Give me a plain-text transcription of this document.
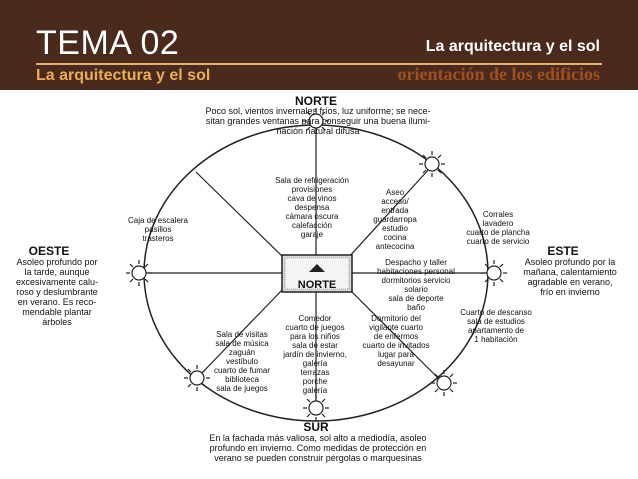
TEMA 02	La arquitectura y el sol
La arquitectura y el sol	orientación de los edificios
NORTE
NORTE
Poco sol, vientos invernales fríos, luz uniforme; se nece-
sitan grandes ventanas para conseguir una buena ilumi-
nación natural difusa
SUR
En la fachada más valiosa, sol alto a mediodía, asoleo
profundo en invierno. Como medidas de protección en
verano se pueden construir pérgolas o marquesinas
ESTE
Asoleo profundo por la
mañana, calentamiento
agradable en verano,
frío en invierno
OESTE
Asoleo profundo por
la tarde, aunque
excesivamente calu-
roso y deslumbrante
en verano. Es reco-
mendable plantar
árboles
Sala de refrigeración
provisiones
cava de vinos
despensa
cámara oscura
calefacción
garaje
Aseo
acceso/
entrada
guardarropa
estudio
cocina
antecocina
Corrales
lavadero
cuarto de plancha
cuarto de servicio
Despacho y taller
habitaciones personal
dormitorios servicio
solario
sala de deporte
baño
Cuarto de descanso
sala de estudios
apartamento de
1 habitación
Dormitorio del
vigilante cuarto
de enfermos
cuarto de invitados
lugar para
desayunar
Comedor
cuarto de juegos
para los niños
sala de estar
jardín de invierno,
galería
terrazas
porche
galería
Sala de visitas
sala de música
zaguán
vestíbulo
cuarto de fumar
biblioteca
sala de juegos
Caja de escalera
pasillos
trasteros
